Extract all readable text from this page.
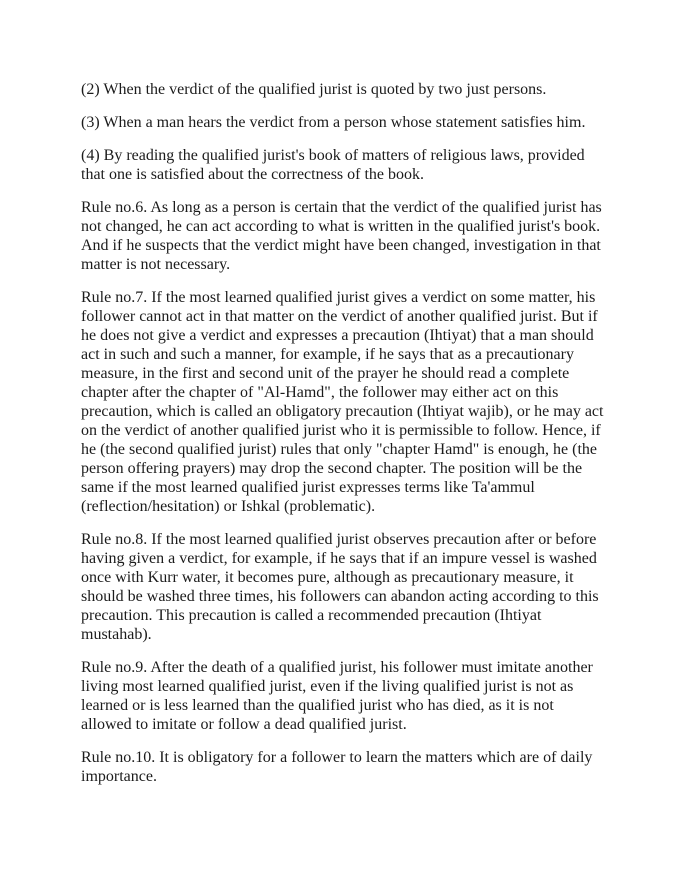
(2) When the verdict of the qualified jurist is quoted by two just persons.

(3) When a man hears the verdict from a person whose statement satisfies him.

(4) By reading the qualified jurist's book of matters of religious laws, provided that one is satisfied about the correctness of the book.

Rule no.6. As long as a person is certain that the verdict of the qualified jurist has not changed, he can act according to what is written in the qualified jurist's book. And if he suspects that the verdict might have been changed, investigation in that matter is not necessary.

Rule no.7. If the most learned qualified jurist gives a verdict on some matter, his follower cannot act in that matter on the verdict of another qualified jurist. But if he does not give a verdict and expresses a precaution (Ihtiyat) that a man should act in such and such a manner, for example, if he says that as a precautionary measure, in the first and second unit of the prayer he should read a complete chapter after the chapter of "Al-Hamd", the follower may either act on this precaution, which is called an obligatory precaution (Ihtiyat wajib), or he may act on the verdict of another qualified jurist who it is permissible to follow. Hence, if he (the second qualified jurist) rules that only "chapter Hamd" is enough, he (the person offering prayers) may drop the second chapter. The position will be the same if the most learned qualified jurist expresses terms like Ta'ammul (reflection/hesitation) or Ishkal (problematic).

Rule no.8. If the most learned qualified jurist observes precaution after or before having given a verdict, for example, if he says that if an impure vessel is washed once with Kurr water, it becomes pure, although as precautionary measure, it should be washed three times, his followers can abandon acting according to this precaution. This precaution is called a recommended precaution (Ihtiyat mustahab).

Rule no.9. After the death of a qualified jurist, his follower must imitate another living most learned qualified jurist, even if the living qualified jurist is not as learned or is less learned than the qualified jurist who has died, as it is not allowed to imitate or follow a dead qualified jurist.

Rule no.10. It is obligatory for a follower to learn the matters which are of daily importance.
